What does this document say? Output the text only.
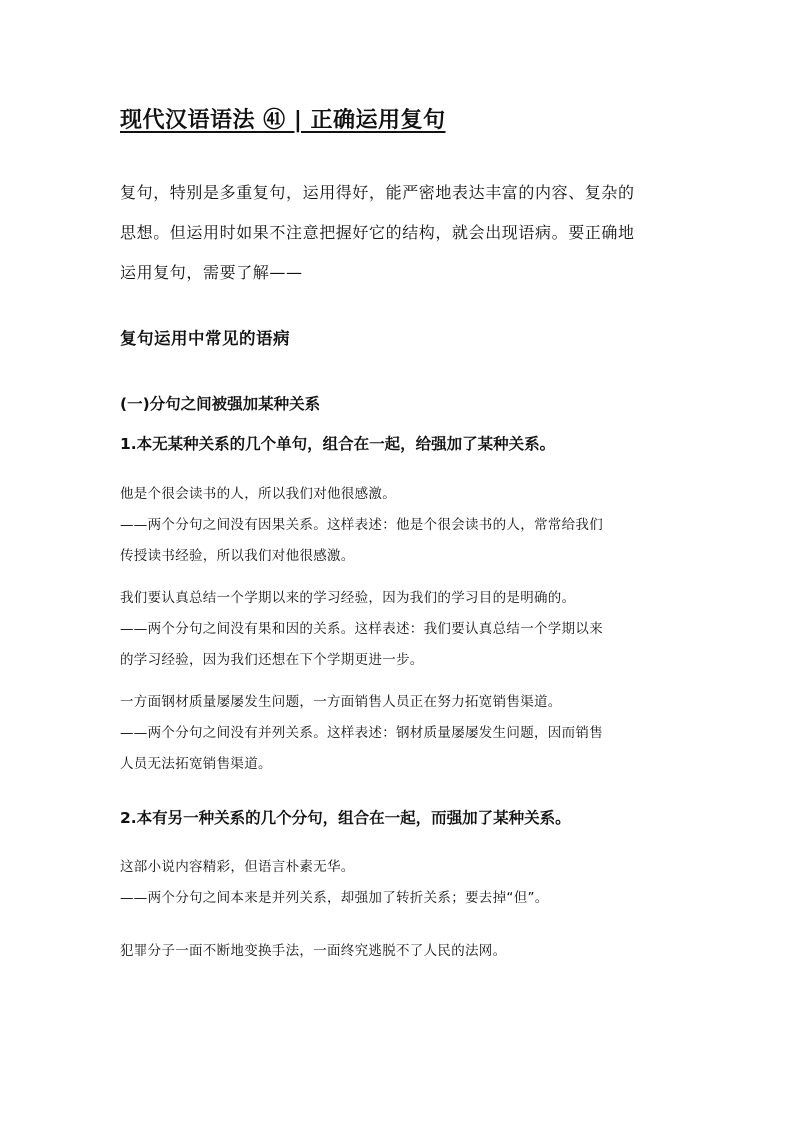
现代汉语语法 ㊶ | 正确运用复句

复句，特别是多重复句，运用得好，能严密地表达丰富的内容、复杂的
思想。但运用时如果不注意把握好它的结构，就会出现语病。要正确地
运用复句，需要了解——

复句运用中常见的语病
(一)分句之间被强加某种关系
1.本无某种关系的几个单句，组合在一起，给强加了某种关系。
他是个很会读书的人，所以我们对他很感激。
——两个分句之间没有因果关系。这样表述：他是个很会读书的人，常常给我们
传授读书经验，所以我们对他很感激。
我们要认真总结一个学期以来的学习经验，因为我们的学习目的是明确的。
——两个分句之间没有果和因的关系。这样表述：我们要认真总结一个学期以来
的学习经验，因为我们还想在下个学期更进一步。
一方面钢材质量屡屡发生问题，一方面销售人员正在努力拓宽销售渠道。
——两个分句之间没有并列关系。这样表述：钢材质量屡屡发生问题，因而销售
人员无法拓宽销售渠道。
2.本有另一种关系的几个分句，组合在一起，而强加了某种关系。
这部小说内容精彩，但语言朴素无华。
——两个分句之间本来是并列关系，却强加了转折关系；要去掉“但”。
犯罪分子一面不断地变换手法，一面终究逃脱不了人民的法网。
